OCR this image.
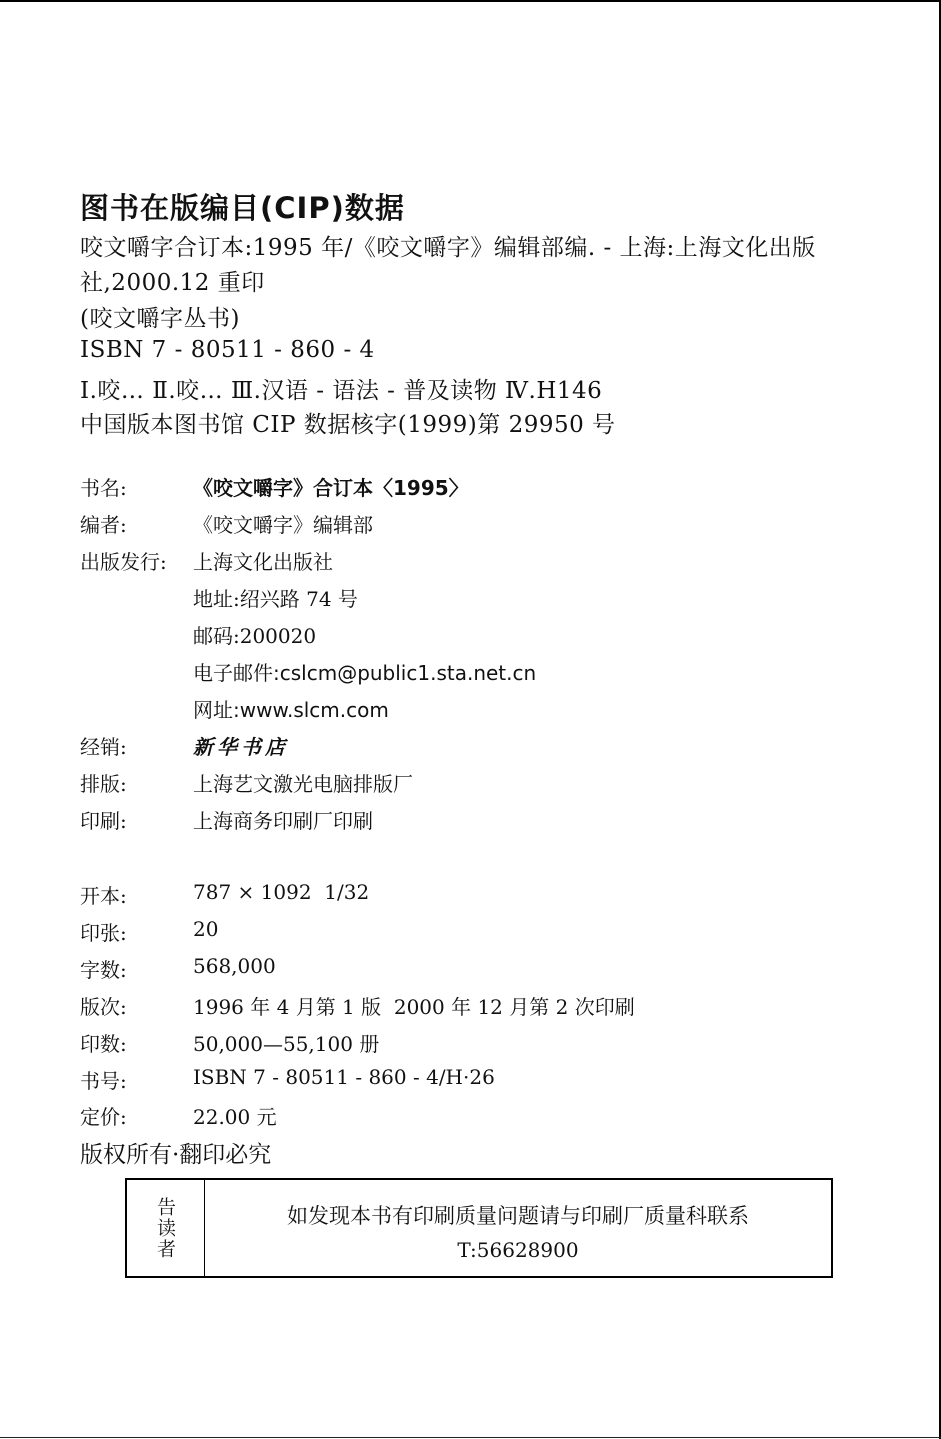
图书在版编目(CIP)数据
咬文嚼字合订本:1995 年/《咬文嚼字》编辑部编. - 上海:上海文化出版
社,2000.12 重印
(咬文嚼字丛书)
ISBN 7 - 80511 - 860 - 4
Ⅰ.咬… Ⅱ.咬… Ⅲ.汉语 - 语法 - 普及读物 Ⅳ.H146
中国版本图书馆 CIP 数据核字(1999)第 29950 号
书名:	《咬文嚼字》合订本〈1995〉
编者:	《咬文嚼字》编辑部
出版发行: 上海文化出版社
地址:绍兴路 74 号
邮码:200020
电子邮件:cslcm@public1.sta.net.cn
网址:www.slcm.com
经销:	新华书店
排版:	上海艺文激光电脑排版厂
印刷:	上海商务印刷厂印刷
开本:	787 × 1092  1/32
印张:	20
字数:	568,000
版次:	1996 年 4 月第 1 版  2000 年 12 月第 2 次印刷
印数:	50,000—55,100 册
书号:	ISBN 7 - 80511 - 860 - 4/H·26
定价:	22.00 元
版权所有·翻印必究
告读者	如发现本书有印刷质量问题请与印刷厂质量科联系
T:56628900
